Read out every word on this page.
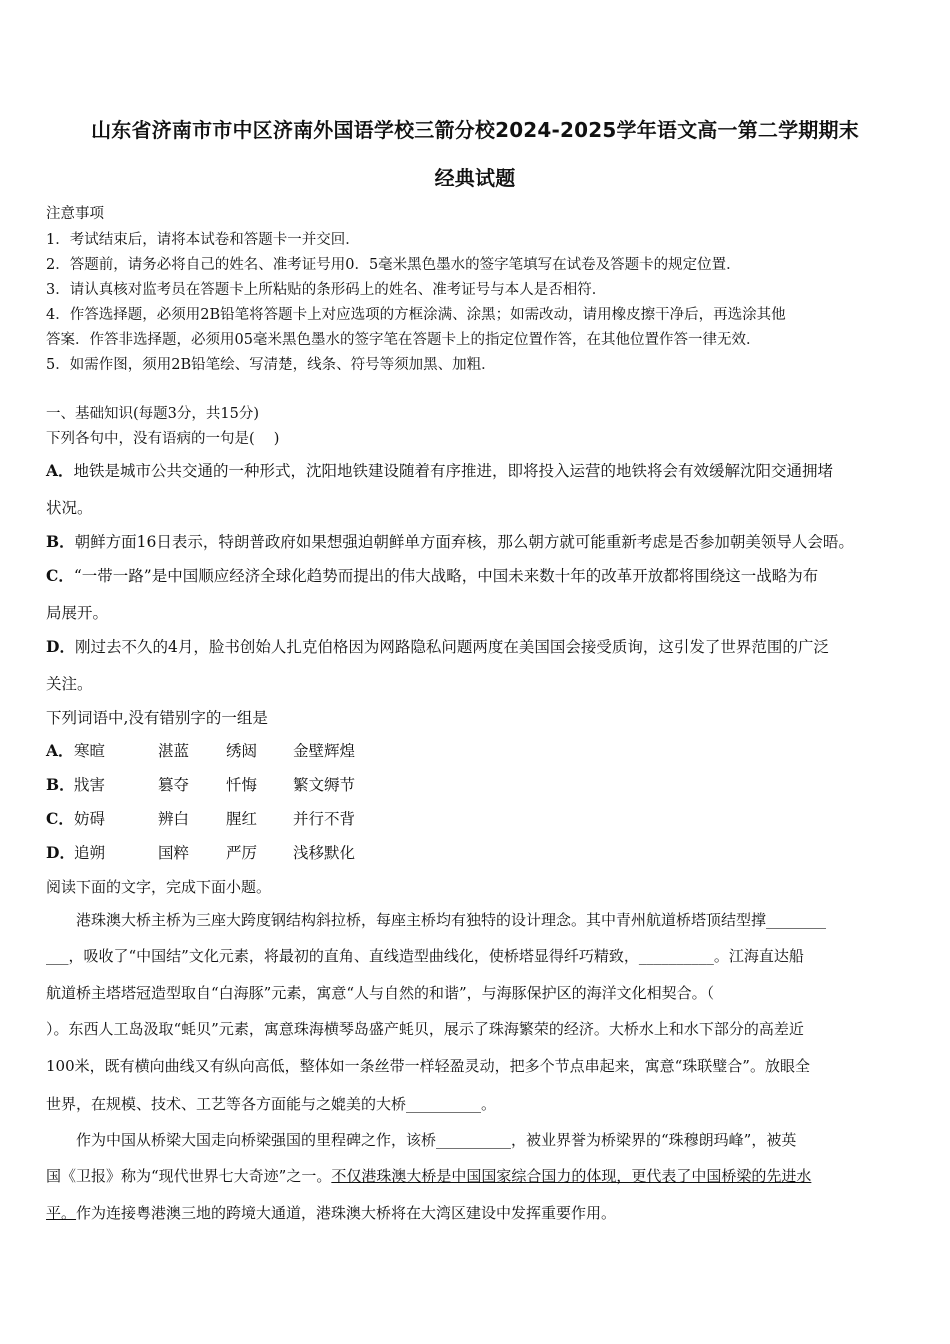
山东省济南市市中区济南外国语学校三箭分校2024-2025学年语文高一第二学期期末
经典试题
注意事项
1．考试结束后，请将本试卷和答题卡一并交回．
2．答题前，请务必将自己的姓名、准考证号用0．5毫米黑色墨水的签字笔填写在试卷及答题卡的规定位置．
3．请认真核对监考员在答题卡上所粘贴的条形码上的姓名、准考证号与本人是否相符．
4．作答选择题，必须用2B铅笔将答题卡上对应选项的方框涂满、涂黑；如需改动，请用橡皮擦干净后，再选涂其他
答案．作答非选择题，必须用05毫米黑色墨水的签字笔在答题卡上的指定位置作答，在其他位置作答一律无效．
5．如需作图，须用2B铅笔绘、写清楚，线条、符号等须加黑、加粗．
一、基础知识(每题3分，共15分)
下列各句中，没有语病的一句是(　 )
A．地铁是城市公共交通的一种形式，沈阳地铁建设随着有序推进，即将投入运营的地铁将会有效缓解沈阳交通拥堵
状况。
B．朝鲜方面16日表示，特朗普政府如果想强迫朝鲜单方面弃核，那么朝方就可能重新考虑是否参加朝美领导人会晤。
C．“一带一路”是中国顺应经济全球化趋势而提出的伟大战略，中国未来数十年的改革开放都将围绕这一战略为布
局展开。
D．刚过去不久的4月，脸书创始人扎克伯格因为网路隐私问题两度在美国国会接受质询，这引发了世界范围的广泛
关注。
下列词语中,没有错别字的一组是
A． 寒暄	湛蓝 绣闼 金壁辉煌
B． 戕害	篡夺 忏悔 繁文缛节
C． 妨碍	辨白 腥红 并行不背
D． 追朔	国粹 严厉 浅移默化
阅读下面的文字，完成下面小题。
　　港珠澳大桥主桥为三座大跨度钢结构斜拉桥，每座主桥均有独特的设计理念。其中青州航道桥塔顶结型撑________
___，吸收了“中国结”文化元素，将最初的直角、直线造型曲线化，使桥塔显得纤巧精致，__________。江海直达船
航道桥主塔塔冠造型取自“白海豚”元素，寓意“人与自然的和谐”，与海豚保护区的海洋文化相契合。（
）。东西人工岛汲取“蚝贝”元素，寓意珠海横琴岛盛产蚝贝，展示了珠海繁荣的经济。大桥水上和水下部分的高差近
100米，既有横向曲线又有纵向高低，整体如一条丝带一样轻盈灵动，把多个节点串起来，寓意“珠联璧合”。放眼全
世界，在规模、技术、工艺等各方面能与之媲美的大桥__________。
　　作为中国从桥梁大国走向桥梁强国的里程碑之作，该桥__________，被业界誉为桥梁界的“珠穆朗玛峰”，被英
国《卫报》称为“现代世界七大奇迹”之一。不仅港珠澳大桥是中国国家综合国力的体现，更代表了中国桥梁的先进水
平。作为连接粤港澳三地的跨境大通道，港珠澳大桥将在大湾区建设中发挥重要作用。
